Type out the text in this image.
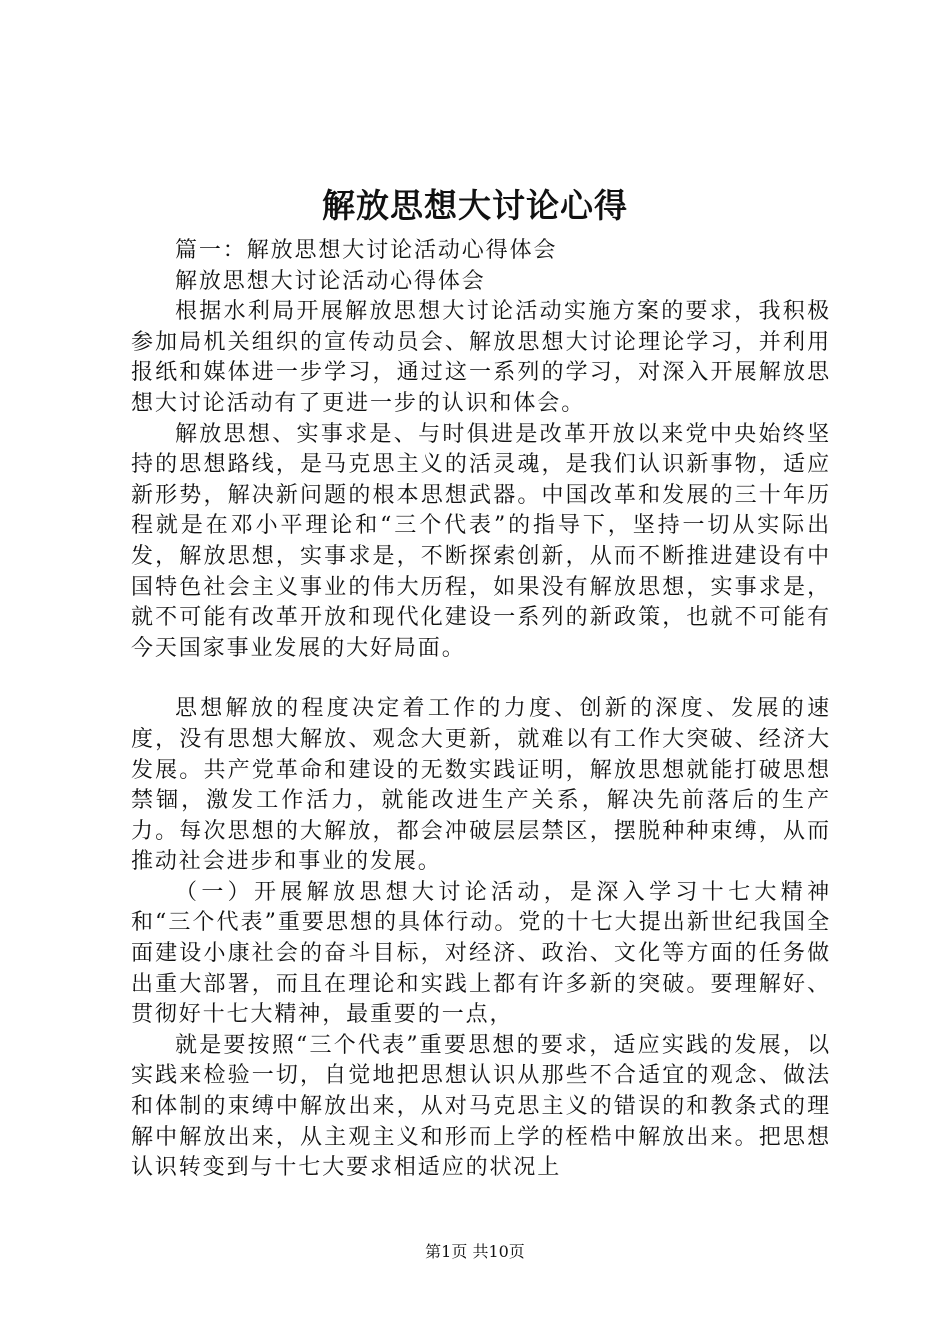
解放思想大讨论心得

篇一：解放思想大讨论活动心得体会

解放思想大讨论活动心得体会

根据水利局开展解放思想大讨论活动实施方案的要求，我积极参加局机关组织的宣传动员会、解放思想大讨论理论学习，并利用报纸和媒体进一步学习，通过这一系列的学习，对深入开展解放思想大讨论活动有了更进一步的认识和体会。

解放思想、实事求是、与时俱进是改革开放以来党中央始终坚持的思想路线，是马克思主义的活灵魂，是我们认识新事物，适应新形势，解决新问题的根本思想武器。中国改革和发展的三十年历程就是在邓小平理论和“三个代表”的指导下，坚持一切从实际出发，解放思想，实事求是，不断探索创新，从而不断推进建设有中国特色社会主义事业的伟大历程，如果没有解放思想，实事求是，就不可能有改革开放和现代化建设一系列的新政策，也就不可能有今天国家事业发展的大好局面。

思想解放的程度决定着工作的力度、创新的深度、发展的速度，没有思想大解放、观念大更新，就难以有工作大突破、经济大发展。共产党革命和建设的无数实践证明，解放思想就能打破思想禁锢，激发工作活力，就能改进生产关系，解决先前落后的生产力。每次思想的大解放，都会冲破层层禁区，摆脱种种束缚，从而推动社会进步和事业的发展。

（一）开展解放思想大讨论活动，是深入学习十七大精神和“三个代表”重要思想的具体行动。党的十七大提出新世纪我国全面建设小康社会的奋斗目标，对经济、政治、文化等方面的任务做出重大部署，而且在理论和实践上都有许多新的突破。要理解好、贯彻好十七大精神，最重要的一点，

就是要按照“三个代表”重要思想的要求，适应实践的发展，以实践来检验一切，自觉地把思想认识从那些不合适宜的观念、做法和体制的束缚中解放出来，从对马克思主义的错误的和教条式的理解中解放出来，从主观主义和形而上学的桎梏中解放出来。把思想认识转变到与十七大要求相适应的状况上

第1页 共10页
